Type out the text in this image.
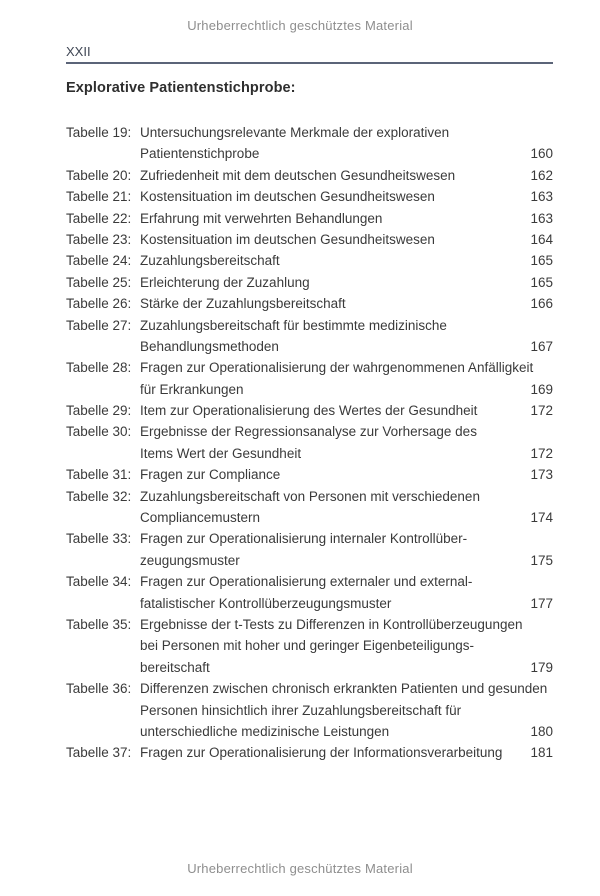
Urheberrechtlich geschütztes Material
XXII
Explorative Patientenstichprobe:
Tabelle 19: Untersuchungsrelevante Merkmale der explorativen
Patientenstichprobe	160
Tabelle 20: Zufriedenheit mit dem deutschen Gesundheitswesen	162
Tabelle 21: Kostensituation im deutschen Gesundheitswesen	163
Tabelle 22: Erfahrung mit verwehrten Behandlungen	163
Tabelle 23: Kostensituation im deutschen Gesundheitswesen	164
Tabelle 24: Zuzahlungsbereitschaft	165
Tabelle 25: Erleichterung der Zuzahlung	165
Tabelle 26: Stärke der Zuzahlungsbereitschaft	166
Tabelle 27: Zuzahlungsbereitschaft für bestimmte medizinische
Behandlungsmethoden	167
Tabelle 28: Fragen zur Operationalisierung der wahrgenommenen Anfälligkeit
für Erkrankungen	169
Tabelle 29: Item zur Operationalisierung des Wertes der Gesundheit	172
Tabelle 30: Ergebnisse der Regressionsanalyse zur Vorhersage des
Items Wert der Gesundheit	172
Tabelle 31: Fragen zur Compliance	173
Tabelle 32: Zuzahlungsbereitschaft von Personen mit verschiedenen
Compliancemustern	174
Tabelle 33: Fragen zur Operationalisierung internaler Kontrollüber-
zeugungsmuster	175
Tabelle 34: Fragen zur Operationalisierung externaler und external-
fatalistischer Kontrollüberzeugungsmuster	177
Tabelle 35: Ergebnisse der t-Tests zu Differenzen in Kontrollüberzeugungen
bei Personen mit hoher und geringer Eigenbeteiligungs-
bereitschaft	179
Tabelle 36: Differenzen zwischen chronisch erkrankten Patienten und gesunden
Personen hinsichtlich ihrer Zuzahlungsbereitschaft für
unterschiedliche medizinische Leistungen	180
Tabelle 37: Fragen zur Operationalisierung der Informationsverarbeitung	181
Urheberrechtlich geschütztes Material
